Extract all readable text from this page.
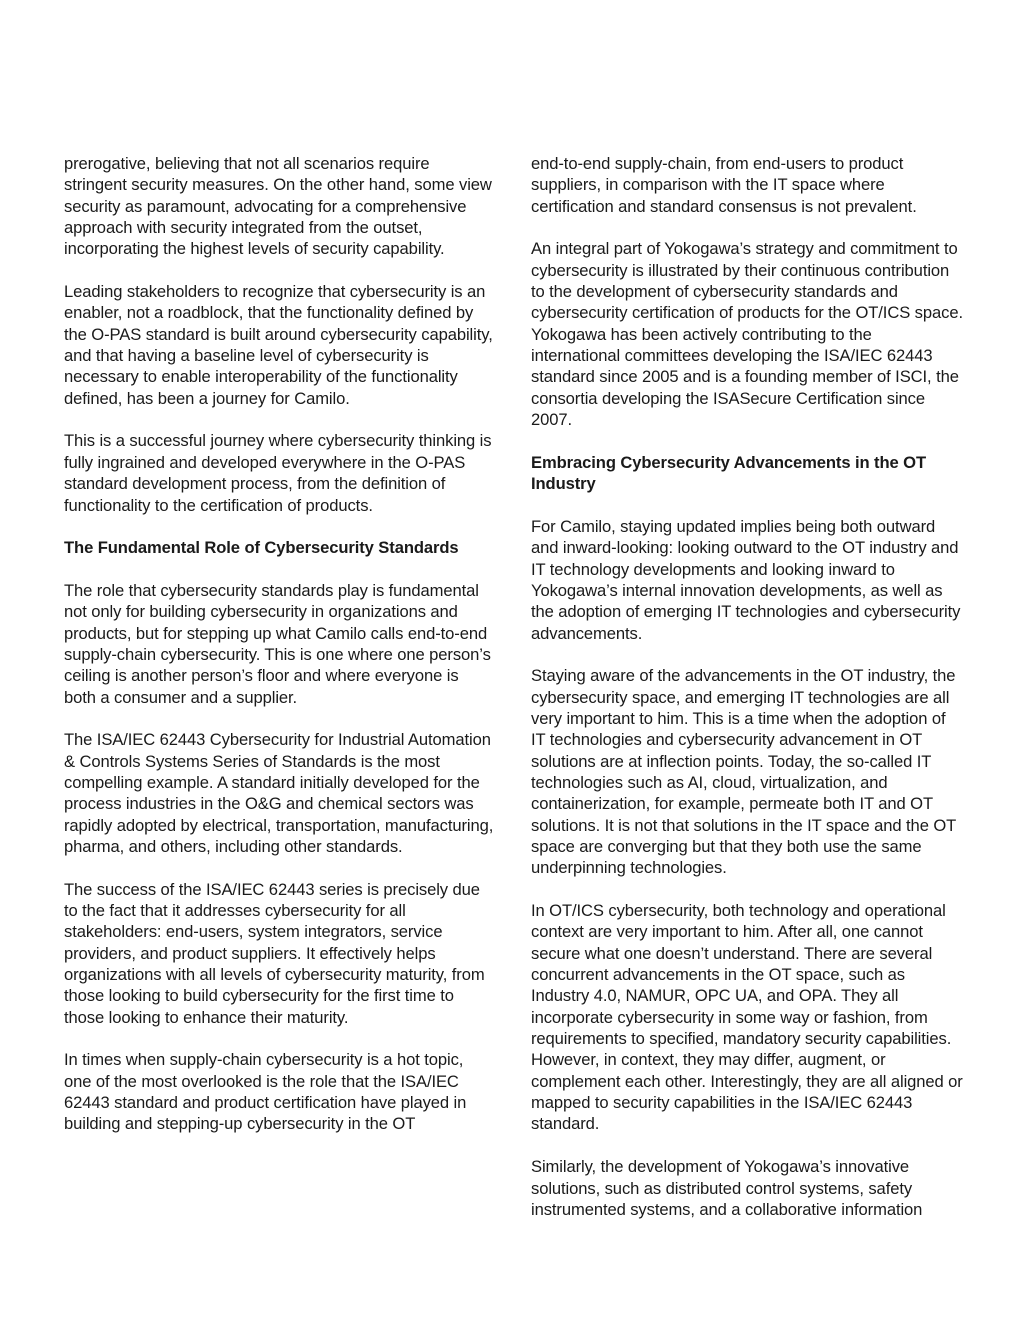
prerogative, believing that not all scenarios require stringent security measures. On the other hand, some view security as paramount, advocating for a comprehensive approach with security integrated from the outset, incorporating the highest levels of security capability.

Leading stakeholders to recognize that cybersecurity is an enabler, not a roadblock, that the functionality defined by the O-PAS standard is built around cybersecurity capability, and that having a baseline level of cybersecurity is necessary to enable interoperability of the functionality defined, has been a journey for Camilo.

This is a successful journey where cybersecurity thinking is fully ingrained and developed everywhere in the O-PAS standard development process, from the definition of functionality to the certification of products.

The Fundamental Role of Cybersecurity Standards

The role that cybersecurity standards play is fundamental not only for building cybersecurity in organizations and products, but for stepping up what Camilo calls end-to-end supply-chain cybersecurity. This is one where one person’s ceiling is another person’s floor and where everyone is both a consumer and a supplier.

The ISA/IEC 62443 Cybersecurity for Industrial Automation & Controls Systems Series of Standards is the most compelling example. A standard initially developed for the process industries in the O&G and chemical sectors was rapidly adopted by electrical, transportation, manufacturing, pharma, and others, including other standards.

The success of the ISA/IEC 62443 series is precisely due to the fact that it addresses cybersecurity for all stakeholders: end-users, system integrators, service providers, and product suppliers. It effectively helps organizations with all levels of cybersecurity maturity, from those looking to build cybersecurity for the first time to those looking to enhance their maturity.

In times when supply-chain cybersecurity is a hot topic, one of the most overlooked is the role that the ISA/IEC 62443 standard and product certification have played in building and stepping-up cybersecurity in the OT

end-to-end supply-chain, from end-users to product suppliers, in comparison with the IT space where certification and standard consensus is not prevalent.

An integral part of Yokogawa’s strategy and commitment to cybersecurity is illustrated by their continuous contribution to the development of cybersecurity standards and cybersecurity certification of products for the OT/ICS space. Yokogawa has been actively contributing to the international committees developing the ISA/IEC 62443 standard since 2005 and is a founding member of ISCI, the consortia developing the ISASecure Certification since 2007.

Embracing Cybersecurity Advancements in the OT Industry

For Camilo, staying updated implies being both outward and inward-looking: looking outward to the OT industry and IT technology developments and looking inward to Yokogawa’s internal innovation developments, as well as the adoption of emerging IT technologies and cybersecurity advancements.

Staying aware of the advancements in the OT industry, the cybersecurity space, and emerging IT technologies are all very important to him. This is a time when the adoption of IT technologies and cybersecurity advancement in OT solutions are at inflection points. Today, the so-called IT technologies such as AI, cloud, virtualization, and containerization, for example, permeate both IT and OT solutions. It is not that solutions in the IT space and the OT space are converging but that they both use the same underpinning technologies.

In OT/ICS cybersecurity, both technology and operational context are very important to him. After all, one cannot secure what one doesn’t understand. There are several concurrent advancements in the OT space, such as Industry 4.0, NAMUR, OPC UA, and OPA. They all incorporate cybersecurity in some way or fashion, from requirements to specified, mandatory security capabilities. However, in context, they may differ, augment, or complement each other. Interestingly, they are all aligned or mapped to security capabilities in the ISA/IEC 62443 standard.

Similarly, the development of Yokogawa’s innovative solutions, such as distributed control systems, safety instrumented systems, and a collaborative information
